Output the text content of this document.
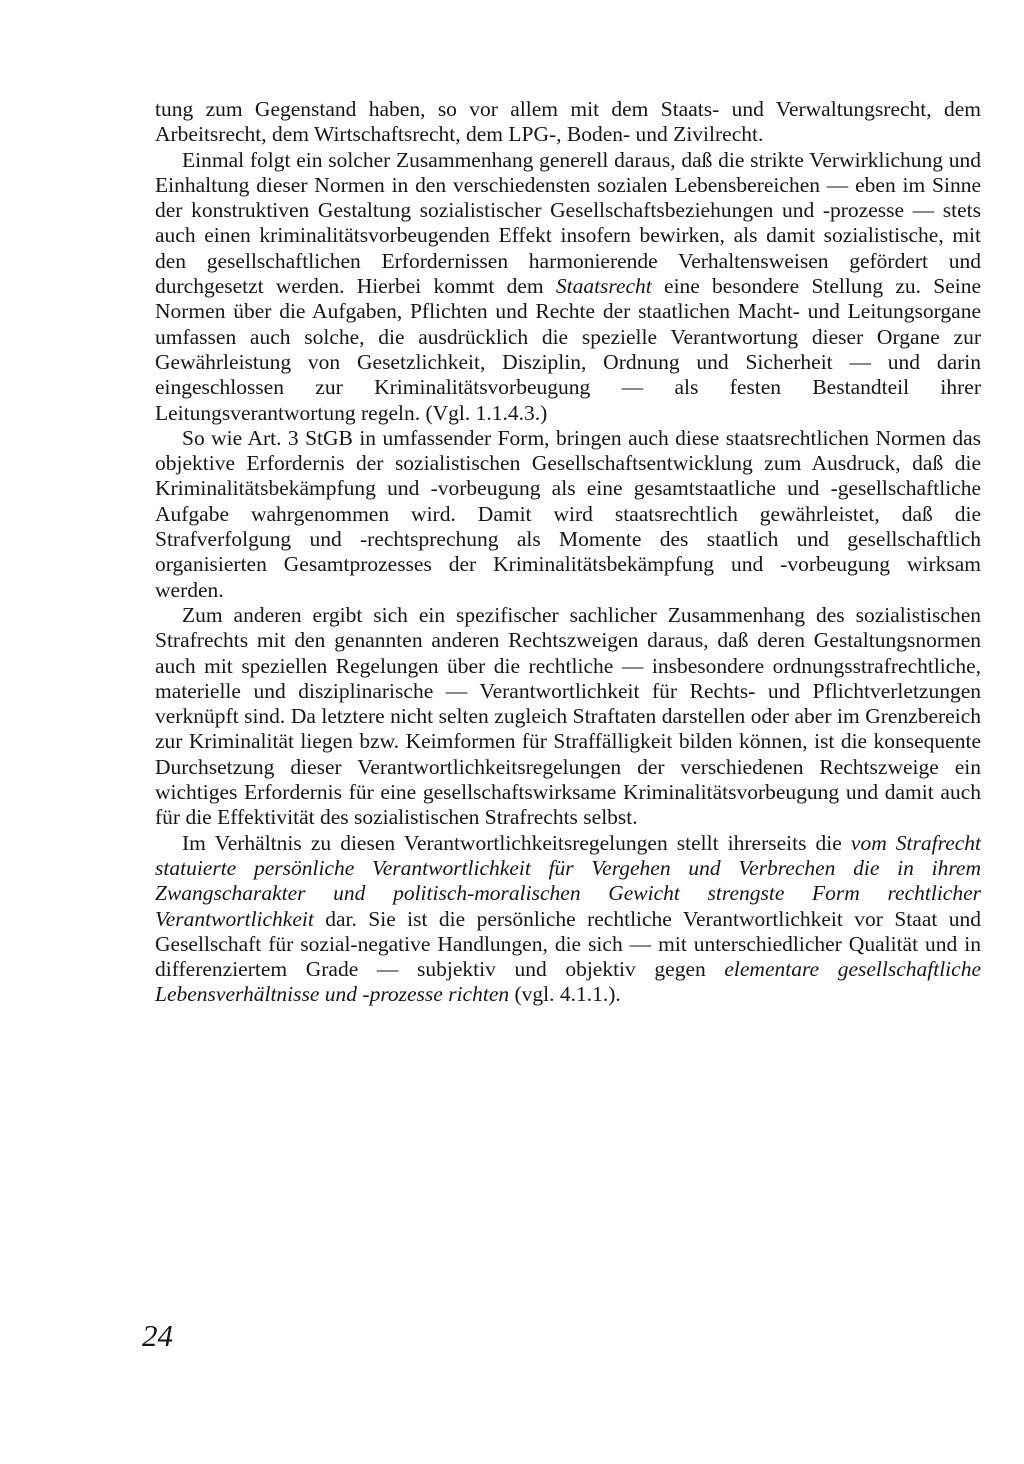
tung zum Gegenstand haben, so vor allem mit dem Staats- und Verwaltungsrecht, dem Arbeitsrecht, dem Wirtschaftsrecht, dem LPG-, Boden- und Zivilrecht.

Einmal folgt ein solcher Zusammenhang generell daraus, daß die strikte Verwirklichung und Einhaltung dieser Normen in den verschiedensten sozialen Lebensbereichen — eben im Sinne der konstruktiven Gestaltung sozialistischer Gesellschaftsbeziehungen und -prozesse — stets auch einen kriminalitätsvorbeugenden Effekt insofern bewirken, als damit sozialistische, mit den gesellschaftlichen Erfordernissen harmonierende Verhaltensweisen gefördert und durchgesetzt werden. Hierbei kommt dem Staatsrecht eine besondere Stellung zu. Seine Normen über die Aufgaben, Pflichten und Rechte der staatlichen Macht- und Leitungsorgane umfassen auch solche, die ausdrücklich die spezielle Verantwortung dieser Organe zur Gewährleistung von Gesetzlichkeit, Disziplin, Ordnung und Sicherheit — und darin eingeschlossen zur Kriminalitätsvorbeugung — als festen Bestandteil ihrer Leitungsverantwortung regeln. (Vgl. 1.1.4.3.)

So wie Art. 3 StGB in umfassender Form, bringen auch diese staatsrechtlichen Normen das objektive Erfordernis der sozialistischen Gesellschaftsentwicklung zum Ausdruck, daß die Kriminalitätsbekämpfung und -vorbeugung als eine gesamtstaatliche und -gesellschaftliche Aufgabe wahrgenommen wird. Damit wird staatsrechtlich gewährleistet, daß die Strafverfolgung und -rechtsprechung als Momente des staatlich und gesellschaftlich organisierten Gesamtprozesses der Kriminalitätsbekämpfung und -vorbeugung wirksam werden.

Zum anderen ergibt sich ein spezifischer sachlicher Zusammenhang des sozialistischen Strafrechts mit den genannten anderen Rechtszweigen daraus, daß deren Gestaltungsnormen auch mit speziellen Regelungen über die rechtliche — insbesondere ordnungsstrafrechtliche, materielle und disziplinarische — Verantwortlichkeit für Rechts- und Pflichtverletzungen verknüpft sind. Da letztere nicht selten zugleich Straftaten darstellen oder aber im Grenzbereich zur Kriminalität liegen bzw. Keimformen für Straffälligkeit bilden können, ist die konsequente Durchsetzung dieser Verantwortlichkeitsregelungen der verschiedenen Rechtszweige ein wichtiges Erfordernis für eine gesellschaftswirksame Kriminalitätsvorbeugung und damit auch für die Effektivität des sozialistischen Strafrechts selbst.

Im Verhältnis zu diesen Verantwortlichkeitsregelungen stellt ihrerseits die vom Strafrecht statuierte persönliche Verantwortlichkeit für Vergehen und Verbrechen die in ihrem Zwangscharakter und politisch-moralischen Gewicht strengste Form rechtlicher Verantwortlichkeit dar. Sie ist die persönliche rechtliche Verantwortlichkeit vor Staat und Gesellschaft für sozial-negative Handlungen, die sich — mit unterschiedlicher Qualität und in differenziertem Grade — subjektiv und objektiv gegen elementare gesellschaftliche Lebensverhältnisse und -prozesse richten (vgl. 4.1.1.).

24
